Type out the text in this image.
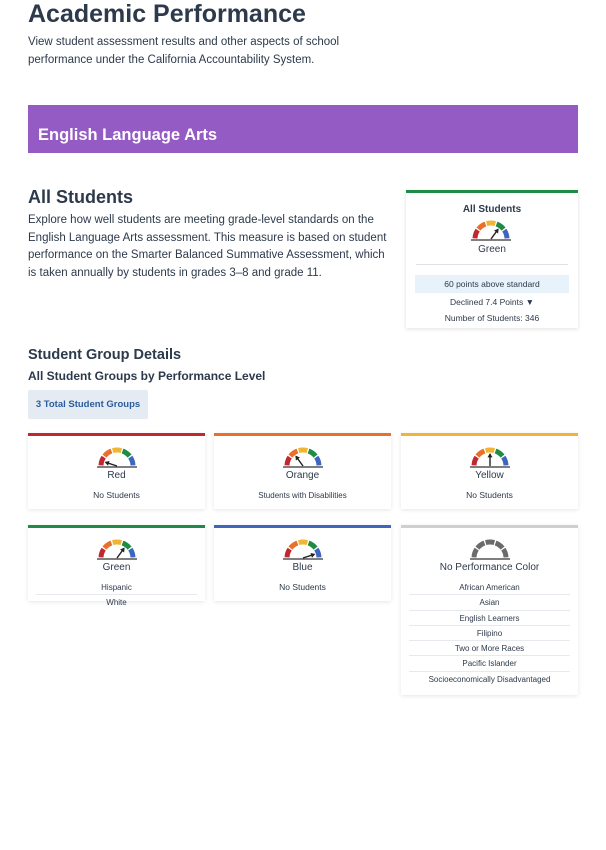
Academic Performance
View student assessment results and other aspects of school performance under the California Accountability System.
English Language Arts
All Students
Explore how well students are meeting grade-level standards on the English Language Arts assessment. This measure is based on student performance on the Smarter Balanced Summative Assessment, which is taken annually by students in grades 3–8 and grade 11.
All Students
Green
60 points above standard
Declined 7.4 Points ▼
Number of Students: 346
Student Group Details
All Student Groups by Performance Level
3 Total Student Groups
Red
No Students
Orange
Students with Disabilities
Yellow
No Students
Green
Hispanic
White
Blue
No Students
No Performance Color
African American
Asian
English Learners
Filipino
Two or More Races
Pacific Islander
Socioeconomically Disadvantaged
